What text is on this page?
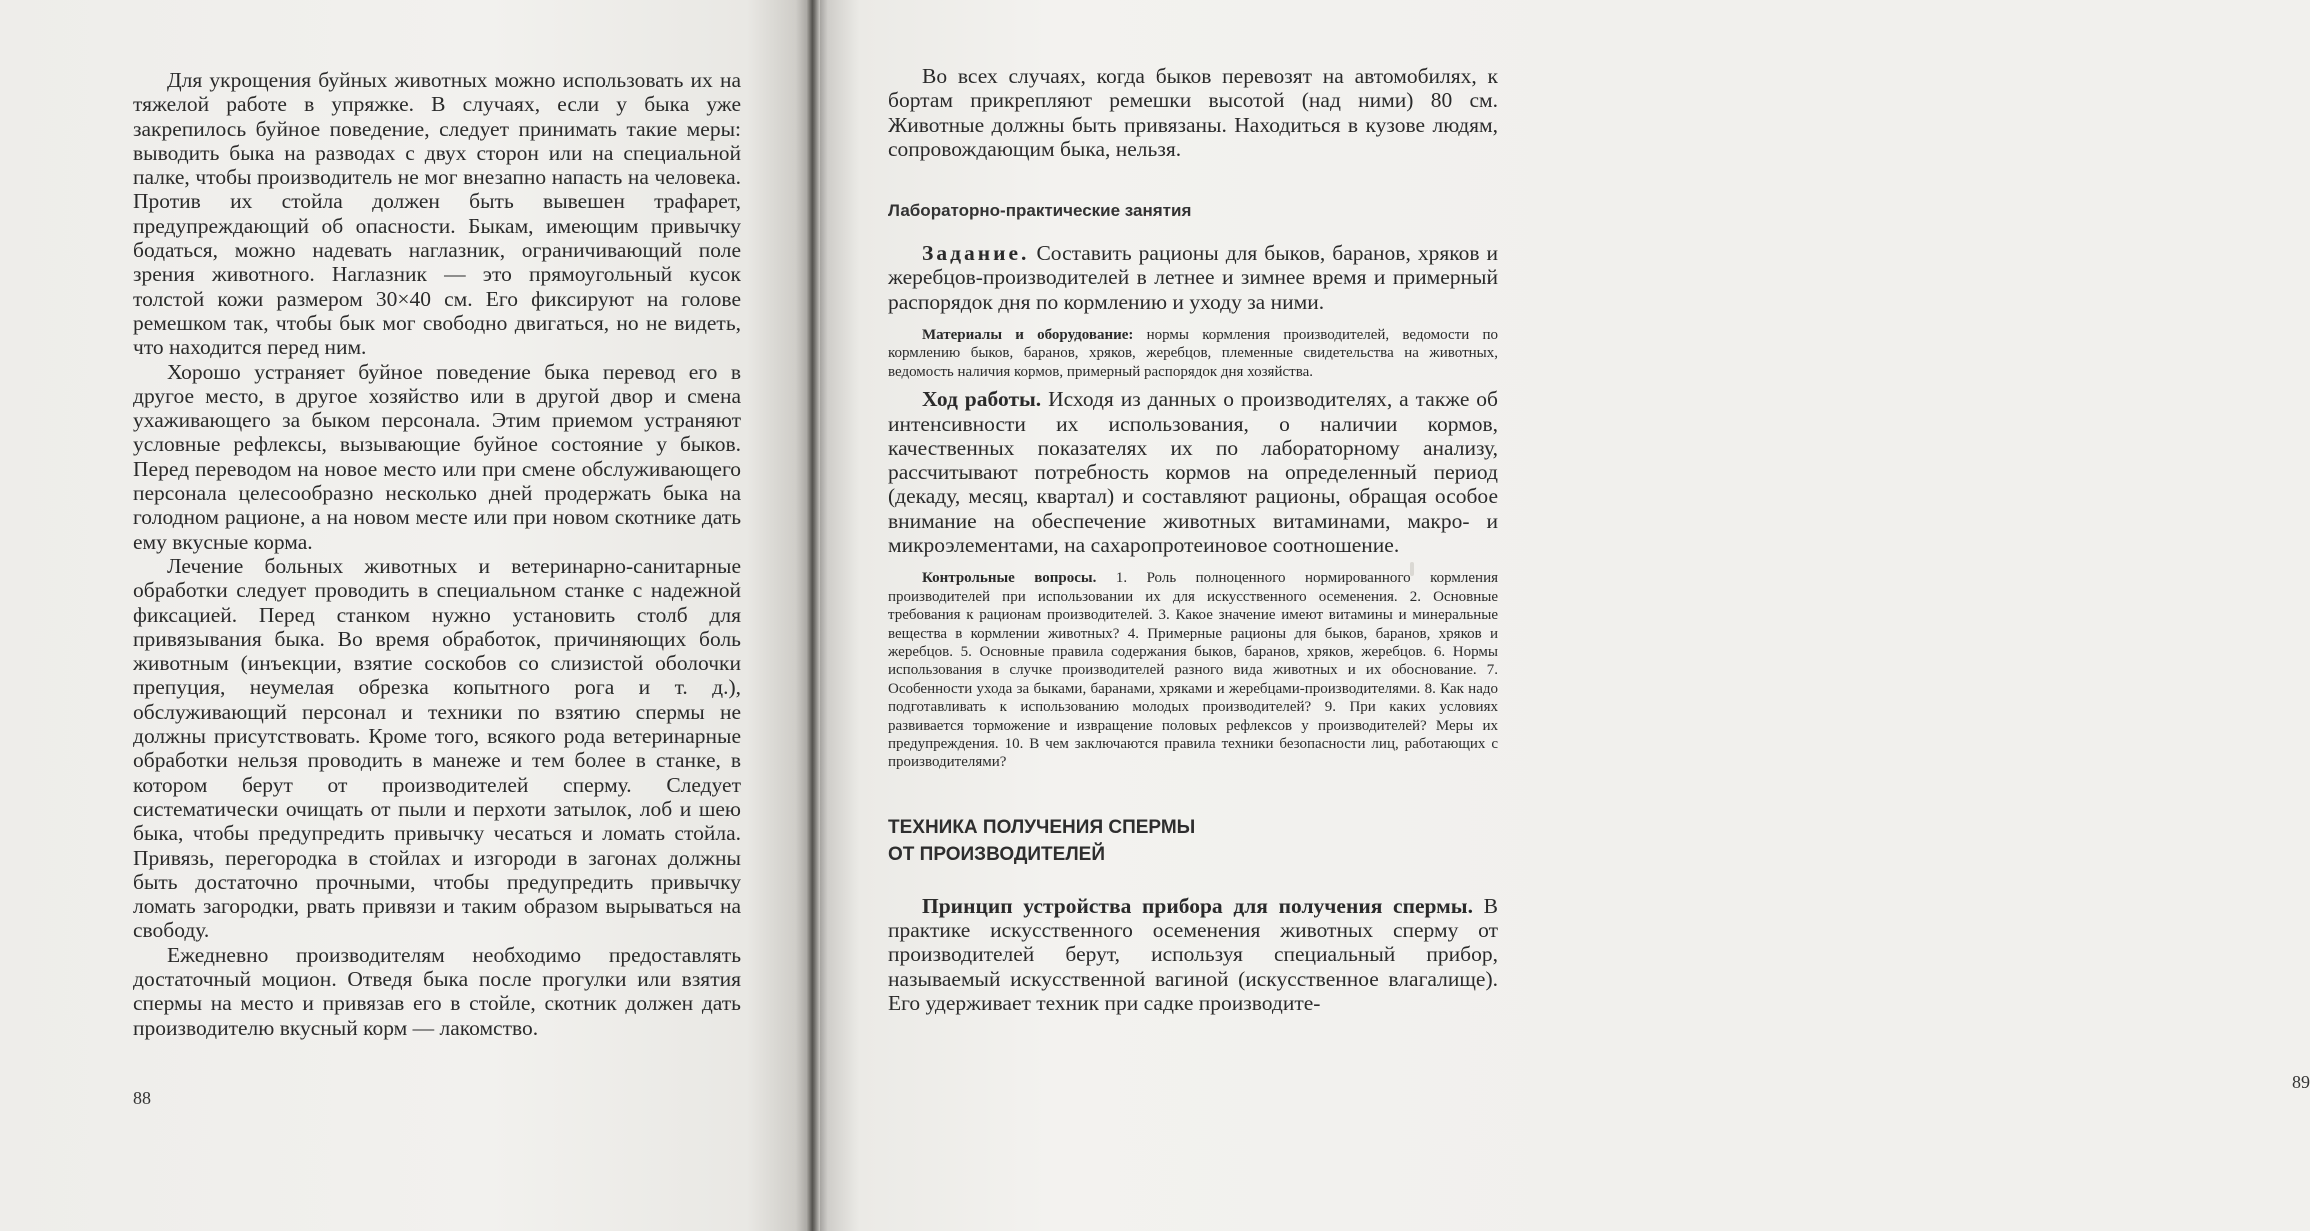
Для укрощения буйных животных можно использовать их на тяжелой работе в упряжке. В случаях, если у быка уже закрепилось буйное поведение, следует принимать такие меры: выводить быка на разводах с двух сторон или на специальной палке, чтобы производитель не мог внезапно напасть на человека. Против их стойла должен быть вывешен трафарет, предупреждающий об опасности. Быкам, имеющим привычку бодаться, можно надевать наглазник, ограничивающий поле зрения животного. Наглазник — это прямоугольный кусок толстой кожи размером 30×40 см. Его фиксируют на голове ремешком так, чтобы бык мог свободно двигаться, но не видеть, что находится перед ним.

Хорошо устраняет буйное поведение быка перевод его в другое место, в другое хозяйство или в другой двор и смена ухаживающего за быком персонала. Этим приемом устраняют условные рефлексы, вызывающие буйное состояние у быков. Перед переводом на новое место или при смене обслуживающего персонала целесообразно несколько дней продержать быка на голодном рационе, а на новом месте или при новом скотнике дать ему вкусные корма.

Лечение больных животных и ветеринарно-санитарные обработки следует проводить в специальном станке с надежной фиксацией. Перед станком нужно установить столб для привязывания быка. Во время обработок, причиняющих боль животным (инъекции, взятие соскобов со слизистой оболочки препуция, неумелая обрезка копытного рога и т. д.), обслуживающий персонал и техники по взятию спермы не должны присутствовать. Кроме того, всякого рода ветеринарные обработки нельзя проводить в манеже и тем более в станке, в котором берут от производителей сперму. Следует систематически очищать от пыли и перхоти затылок, лоб и шею быка, чтобы предупредить привычку чесаться и ломать стойла. Привязь, перегородка в стойлах и изгороди в загонах должны быть достаточно прочными, чтобы предупредить привычку ломать загородки, рвать привязи и таким образом вырываться на свободу.

Ежедневно производителям необходимо предоставлять достаточный моцион. Отведя быка после прогулки или взятия спермы на место и привязав его в стойле, скотник должен дать производителю вкусный корм — лакомство.

88
89

Во всех случаях, когда быков перевозят на автомобилях, к бортам прикрепляют ремешки высотой (над ними) 80 см. Животные должны быть привязаны. Находиться в кузове людям, сопровождающим быка, нельзя.

Лабораторно-практические занятия

Задание. Составить рационы для быков, баранов, хряков и жеребцов-производителей в летнее и зимнее время и примерный распорядок дня по кормлению и уходу за ними.

Материалы и оборудование: нормы кормления производителей, ведомости по кормлению быков, баранов, хряков, жеребцов, племенные свидетельства на животных, ведомость наличия кормов, примерный распорядок дня хозяйства.

Ход работы. Исходя из данных о производителях, а также об интенсивности их использования, о наличии кормов, качественных показателях их по лабораторному анализу, рассчитывают потребность кормов на определенный период (декаду, месяц, квартал) и составляют рационы, обращая особое внимание на обеспечение животных витаминами, макро- и микроэлементами, на сахаропротеиновое соотношение.

Контрольные вопросы. 1. Роль полноценного нормированного кормления производителей при использовании их для искусственного осеменения. 2. Основные требования к рационам производителей. 3. Какое значение имеют витамины и минеральные вещества в кормлении животных? 4. Примерные рационы для быков, баранов, хряков и жеребцов. 5. Основные правила содержания быков, баранов, хряков, жеребцов. 6. Нормы использования в случке производителей разного вида животных и их обоснование. 7. Особенности ухода за быками, баранами, хряками и жеребцами-производителями. 8. Как надо подготавливать к использованию молодых производителей? 9. При каких условиях развивается торможение и извращение половых рефлексов у производителей? Меры их предупреждения. 10. В чем заключаются правила техники безопасности лиц, работающих с производителями?

ТЕХНИКА ПОЛУЧЕНИЯ СПЕРМЫ
ОТ ПРОИЗВОДИТЕЛЕЙ

Принцип устройства прибора для получения спермы. В практике искусственного осеменения животных сперму от производителей берут, используя специальный прибор, называемый искусственной вагиной (искусственное влагалище). Его удерживает техник при садке производите-
